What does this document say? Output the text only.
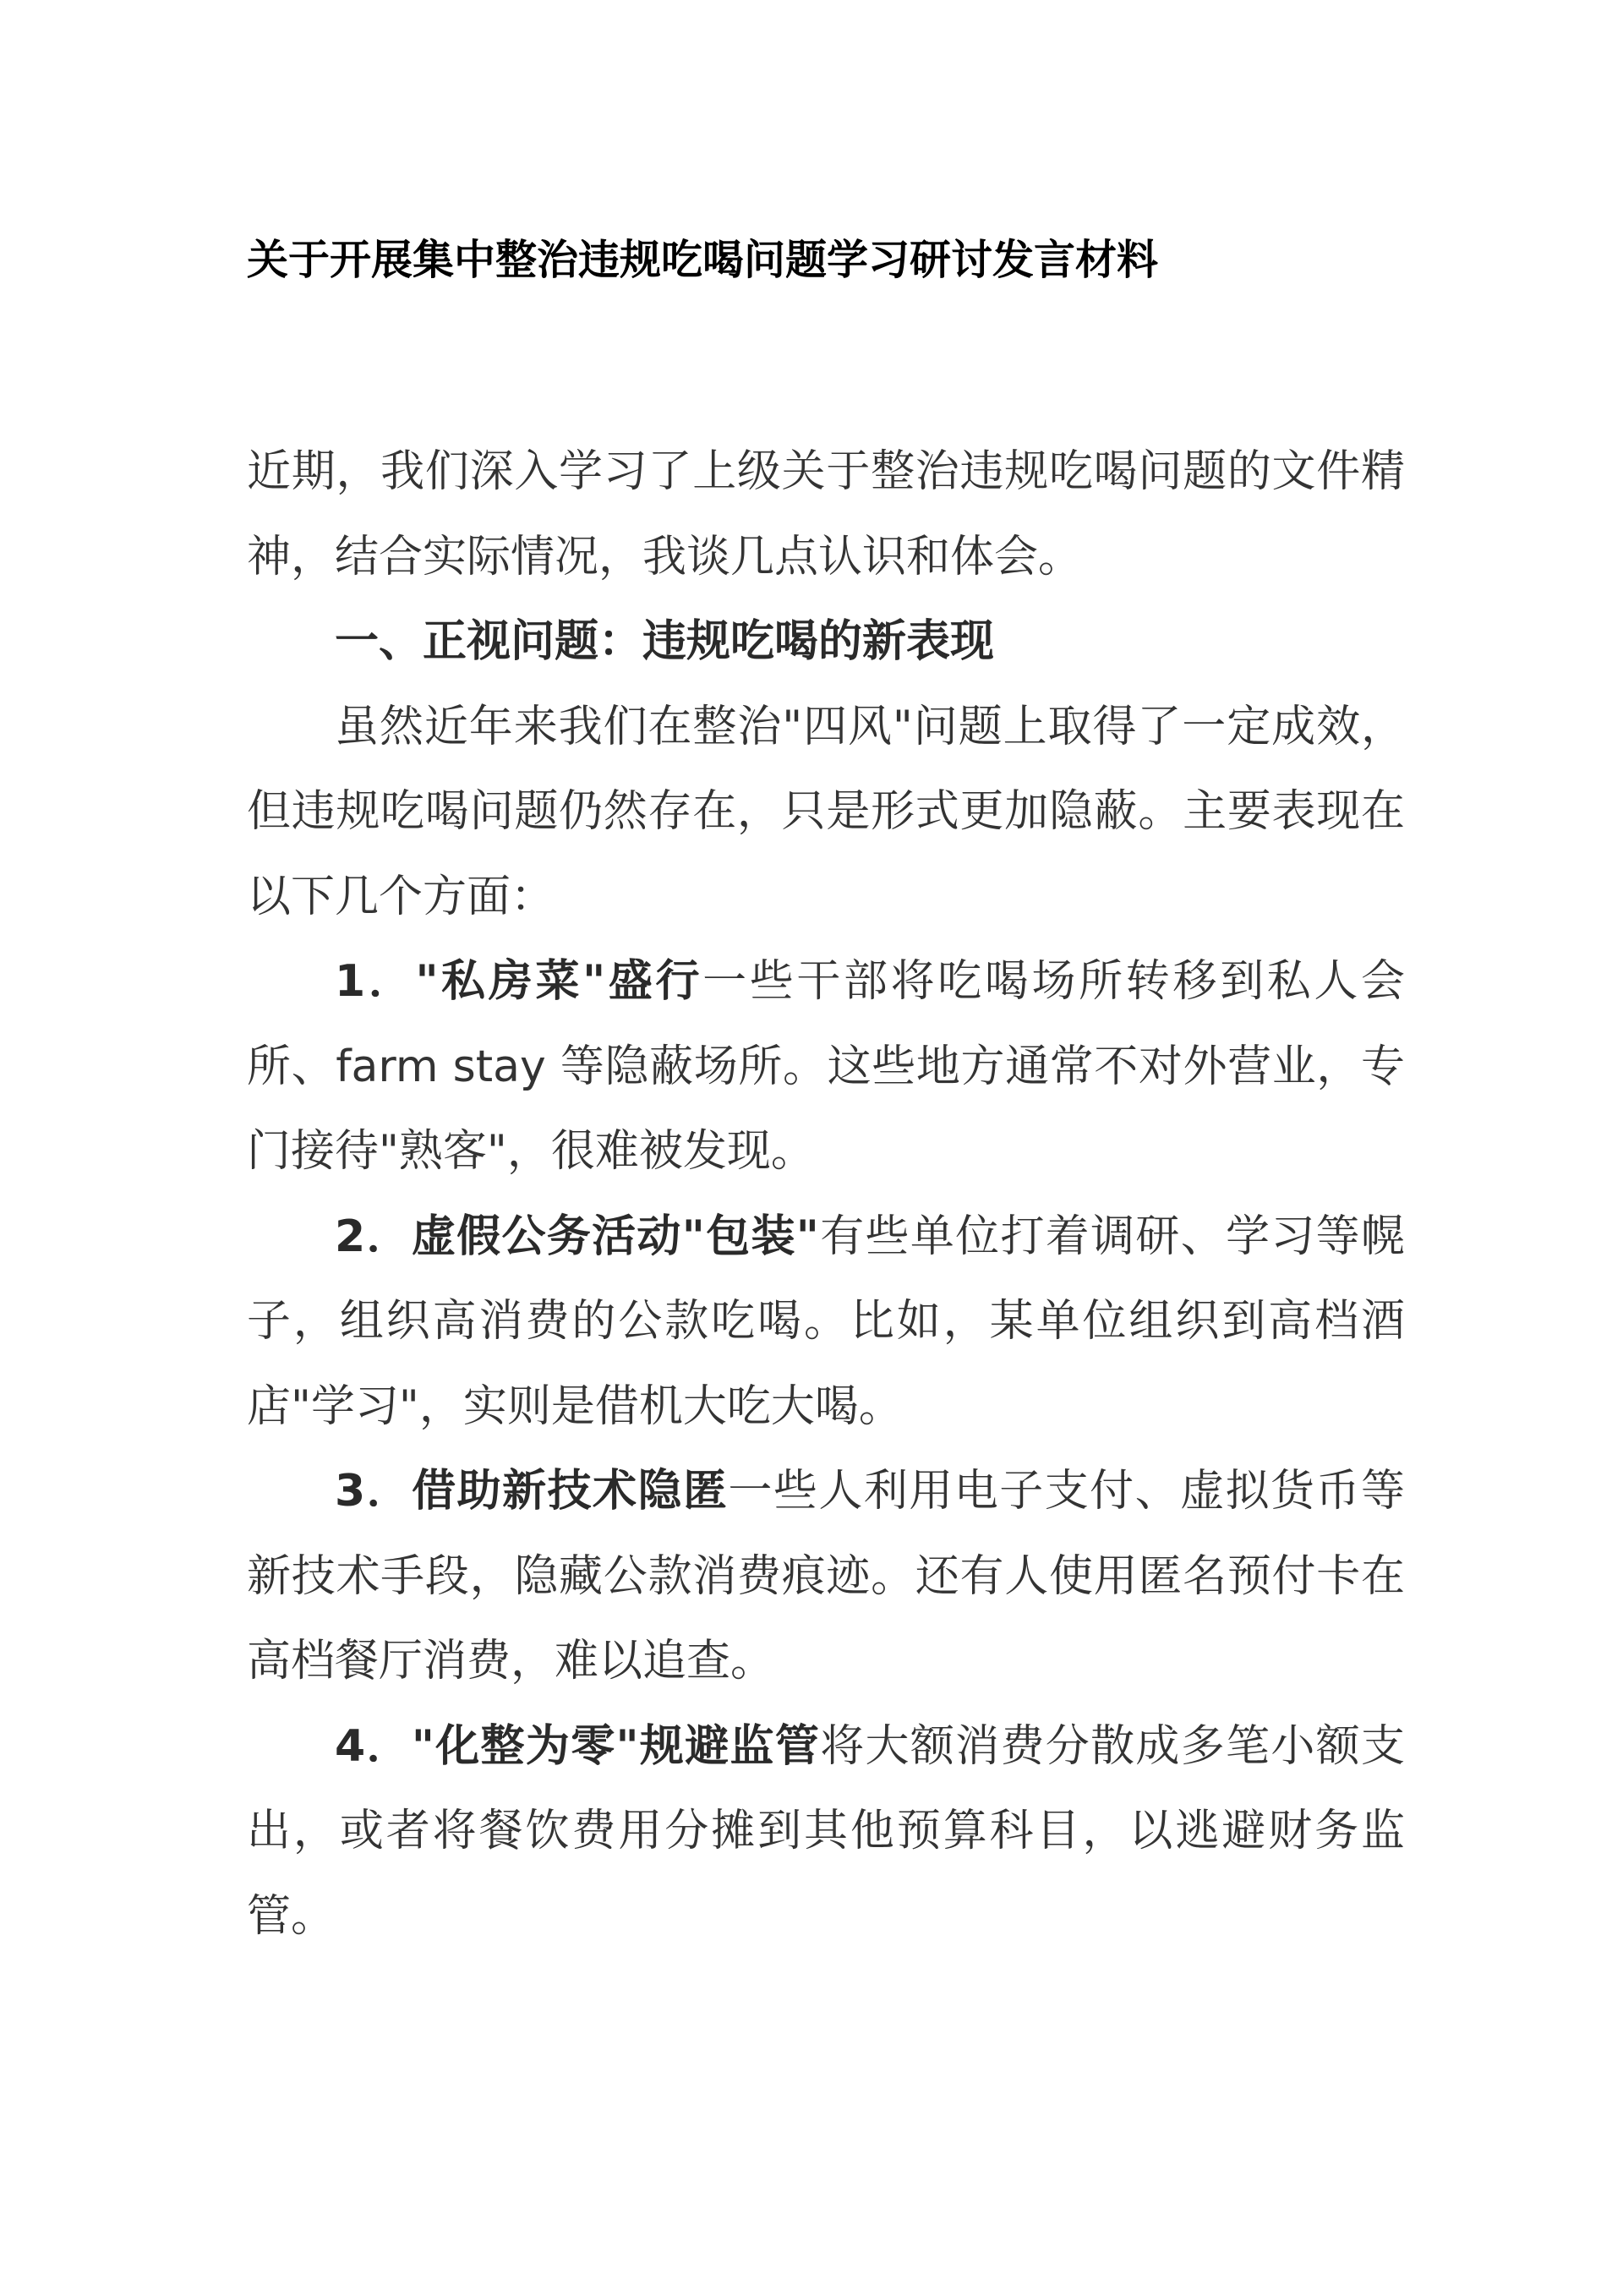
关于开展集中整治违规吃喝问题学习研讨发言材料

近期，我们深入学习了上级关于整治违规吃喝问题的文件精神，结合实际情况，我谈几点认识和体会。

一、正视问题：违规吃喝的新表现

虽然近年来我们在整治"四风"问题上取得了一定成效，但违规吃喝问题仍然存在，只是形式更加隐蔽。主要表现在以下几个方面：

1．"私房菜"盛行一些干部将吃喝场所转移到私人会所、farm stay 等隐蔽场所。这些地方通常不对外营业，专门接待"熟客"，很难被发现。

2．虚假公务活动"包装"有些单位打着调研、学习等幌子，组织高消费的公款吃喝。比如，某单位组织到高档酒店"学习"，实则是借机大吃大喝。

3．借助新技术隐匿一些人利用电子支付、虚拟货币等新技术手段，隐藏公款消费痕迹。还有人使用匿名预付卡在高档餐厅消费，难以追查。

4．"化整为零"规避监管将大额消费分散成多笔小额支出，或者将餐饮费用分摊到其他预算科目，以逃避财务监管。
